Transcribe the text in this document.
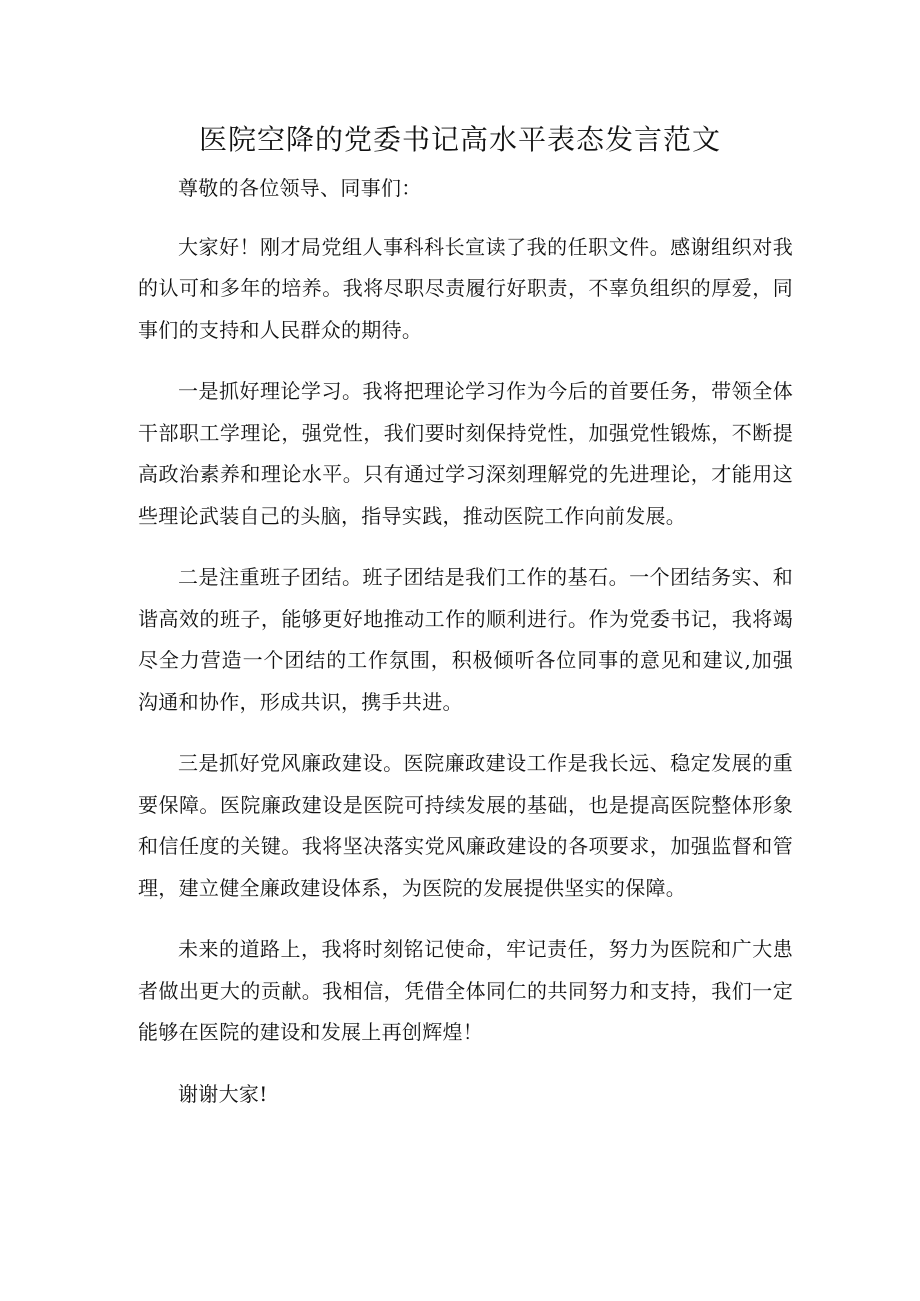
医院空降的党委书记高水平表态发言范文

尊敬的各位领导、同事们：

大家好！刚才局党组人事科科长宣读了我的任职文件。感谢组织对我的认可和多年的培养。我将尽职尽责履行好职责，不辜负组织的厚爱，同事们的支持和人民群众的期待。

一是抓好理论学习。我将把理论学习作为今后的首要任务，带领全体干部职工学理论，强党性，我们要时刻保持党性，加强党性锻炼，不断提高政治素养和理论水平。只有通过学习深刻理解党的先进理论，才能用这些理论武装自己的头脑，指导实践，推动医院工作向前发展。

二是注重班子团结。班子团结是我们工作的基石。一个团结务实、和谐高效的班子，能够更好地推动工作的顺利进行。作为党委书记，我将竭尽全力营造一个团结的工作氛围，积极倾听各位同事的意见和建议,加强沟通和协作，形成共识，携手共进。

三是抓好党风廉政建设。医院廉政建设工作是我长远、稳定发展的重要保障。医院廉政建设是医院可持续发展的基础，也是提高医院整体形象和信任度的关键。我将坚决落实党风廉政建设的各项要求，加强监督和管理，建立健全廉政建设体系，为医院的发展提供坚实的保障。

未来的道路上，我将时刻铭记使命，牢记责任，努力为医院和广大患者做出更大的贡献。我相信，凭借全体同仁的共同努力和支持，我们一定能够在医院的建设和发展上再创辉煌！

谢谢大家!
